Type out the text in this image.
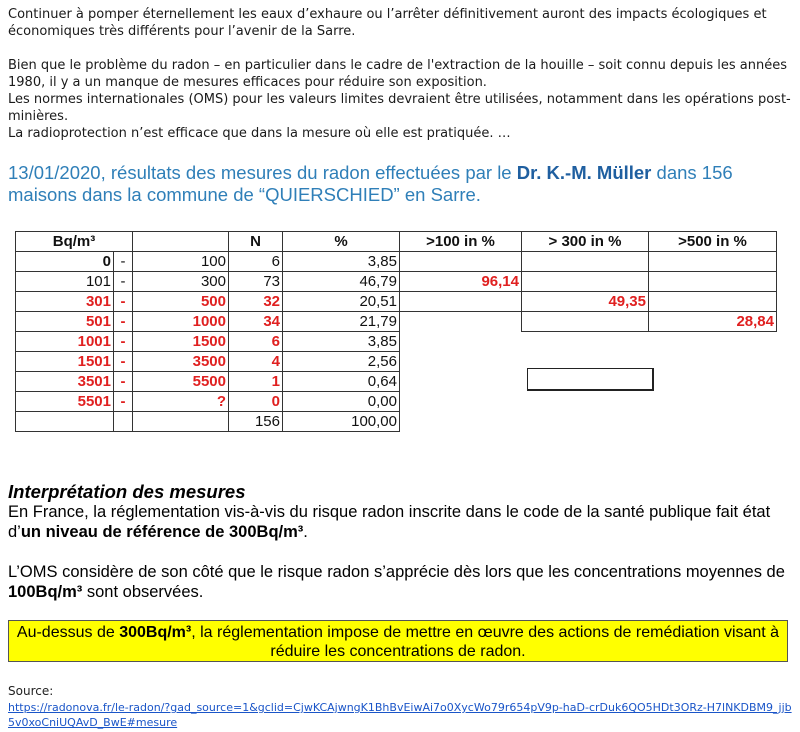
Continuer à pomper éternellement les eaux d’exhaure ou l’arrêter définitivement auront des impacts écologiques et économiques très différents pour l’avenir de la Sarre.
Bien que le problème du radon – en particulier dans le cadre de l'extraction de la houille – soit connu depuis les années 1980, il y a un manque de mesures efficaces pour réduire son exposition.
Les normes internationales (OMS) pour les valeurs limites devraient être utilisées, notamment dans les opérations post-minières.
La radioprotection n’est efficace que dans la mesure où elle est pratiquée. …
13/01/2020, résultats des mesures du radon effectuées par le Dr. K.-M. Müller dans 156 maisons dans la commune de “QUIERSCHIED” en Sarre.
Bq/m³			N	%	>100 in %	> 300 in %	>500 in %
0	-	100	6	3,85			
101	-	300	73	46,79	96,14		
301	-	500	32	20,51		49,35	
501	-	1000	34	21,79			28,84
1001	-	1500	6	3,85			
1501	-	3500	4	2,56			
3501	-	5500	1	0,64			
5501	-	?	0	0,00			
			156	100,00			
Interprétation des mesures
En France, la réglementation vis-à-vis du risque radon inscrite dans le code de la santé publique fait état d’un niveau de référence de 300Bq/m³.
L’OMS considère de son côté que le risque radon s’apprécie dès lors que les concentrations moyennes de 100Bq/m³ sont observées.
Au-dessus de 300Bq/m³, la réglementation impose de mettre en œuvre des actions de remédiation visant à réduire les concentrations de radon.
Source:
https://radonova.fr/le-radon/?gad_source=1&gclid=CjwKCAjwngK1BhBvEiwAi7o0XycWo79r654pV9p-haD-crDuk6QO5HDt3ORz-H7lNKDBM9_jjb5v0xoCniUQAvD_BwE#mesure
